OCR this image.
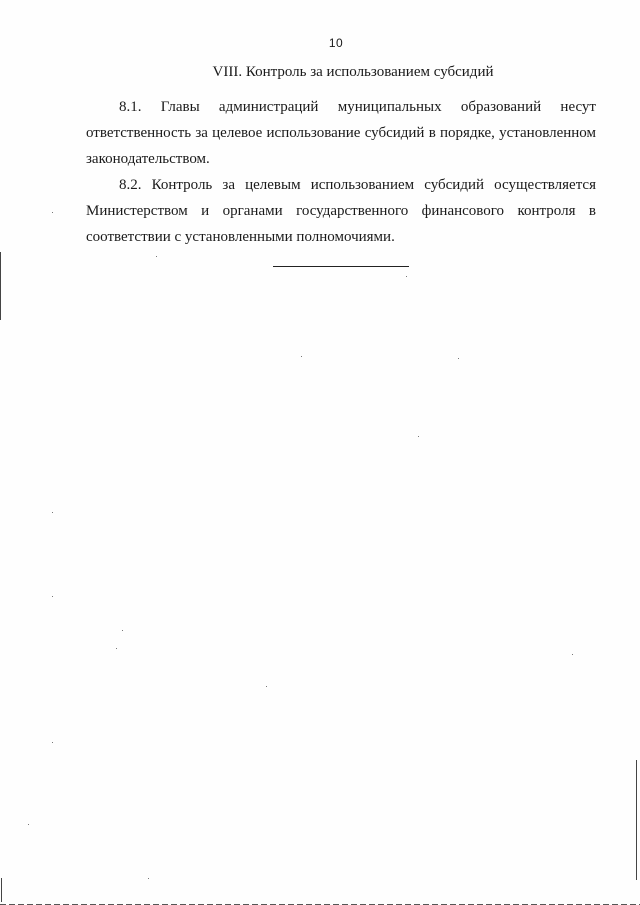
10
VIII. Контроль за использованием субсидий

8.1. Главы администраций муниципальных образований несут ответственность за целевое использование субсидий в порядке, установленном законодательством.

8.2. Контроль за целевым использованием субсидий осуществляется Министерством и органами государственного финансового контроля в соответствии с установленными полномочиями.
